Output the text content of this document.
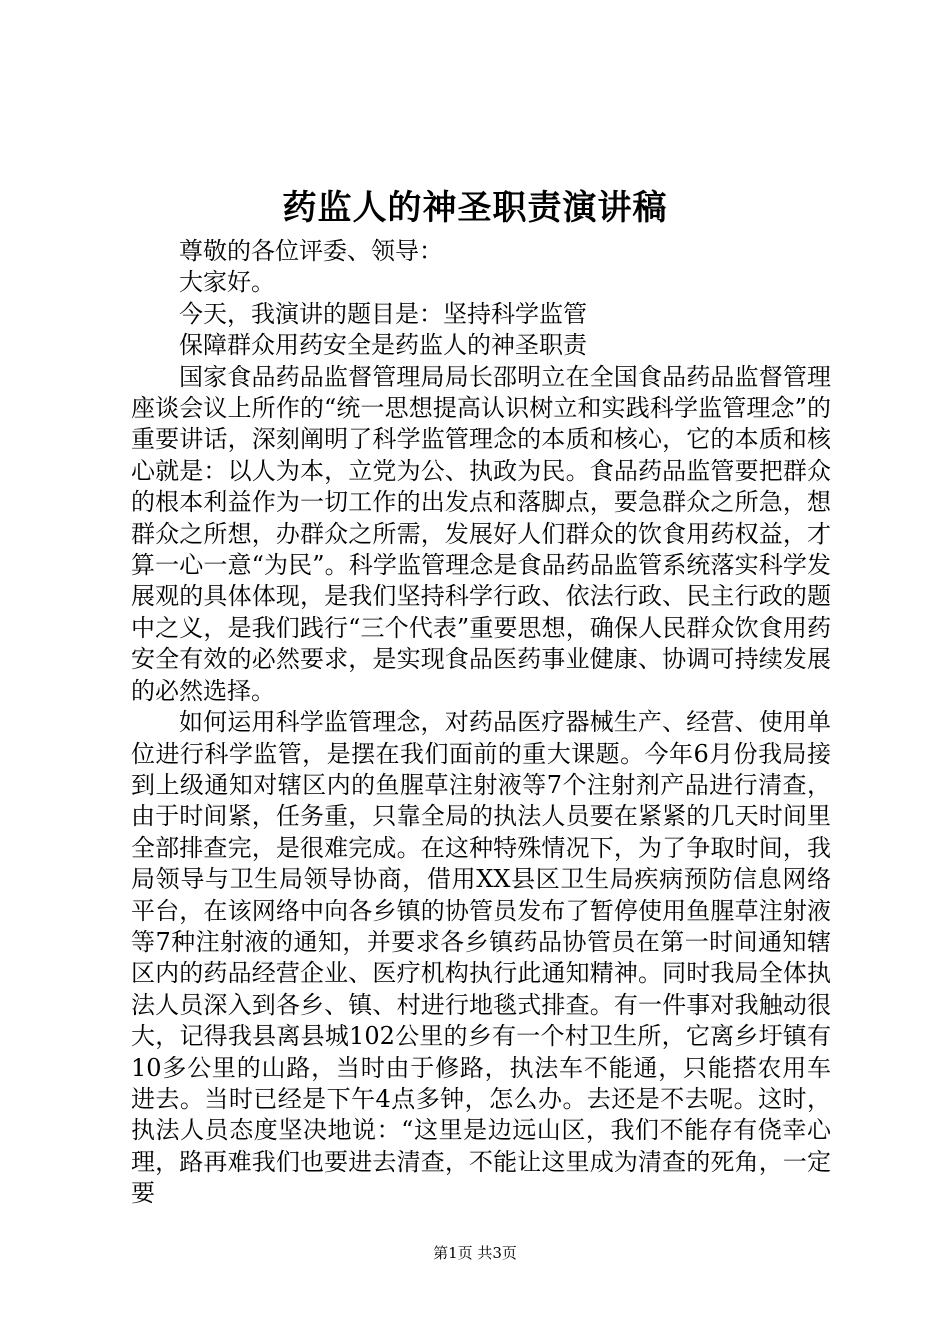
药监人的神圣职责演讲稿

尊敬的各位评委、领导：

大家好。

今天，我演讲的题目是：坚持科学监管

保障群众用药安全是药监人的神圣职责

国家食品药品监督管理局局长邵明立在全国食品药品监督管理座谈会议上所作的“统一思想提高认识树立和实践科学监管理念”的重要讲话，深刻阐明了科学监管理念的本质和核心，它的本质和核心就是：以人为本，立党为公、执政为民。食品药品监管要把群众的根本利益作为一切工作的出发点和落脚点，要急群众之所急，想群众之所想，办群众之所需，发展好人们群众的饮食用药权益，才算一心一意“为民”。科学监管理念是食品药品监管系统落实科学发展观的具体体现，是我们坚持科学行政、依法行政、民主行政的题中之义，是我们践行“三个代表”重要思想，确保人民群众饮食用药安全有效的必然要求，是实现食品医药事业健康、协调可持续发展的必然选择。

如何运用科学监管理念，对药品医疗器械生产、经营、使用单位进行科学监管，是摆在我们面前的重大课题。今年6月份我局接到上级通知对辖区内的鱼腥草注射液等7个注射剂产品进行清查，由于时间紧，任务重，只靠全局的执法人员要在紧紧的几天时间里全部排查完，是很难完成。在这种特殊情况下，为了争取时间，我局领导与卫生局领导协商，借用XX县区卫生局疾病预防信息网络平台，在该网络中向各乡镇的协管员发布了暂停使用鱼腥草注射液等7种注射液的通知，并要求各乡镇药品协管员在第一时间通知辖区内的药品经营企业、医疗机构执行此通知精神。同时我局全体执法人员深入到各乡、镇、村进行地毯式排查。有一件事对我触动很大，记得我县离县城102公里的乡有一个村卫生所，它离乡圩镇有10多公里的山路，当时由于修路，执法车不能通，只能搭农用车进去。当时已经是下午4点多钟，怎么办。去还是不去呢。这时，执法人员态度坚决地说：“这里是边远山区，我们不能存有侥幸心理，路再难我们也要进去清查，不能让这里成为清查的死角，一定要

第1页 共3页
